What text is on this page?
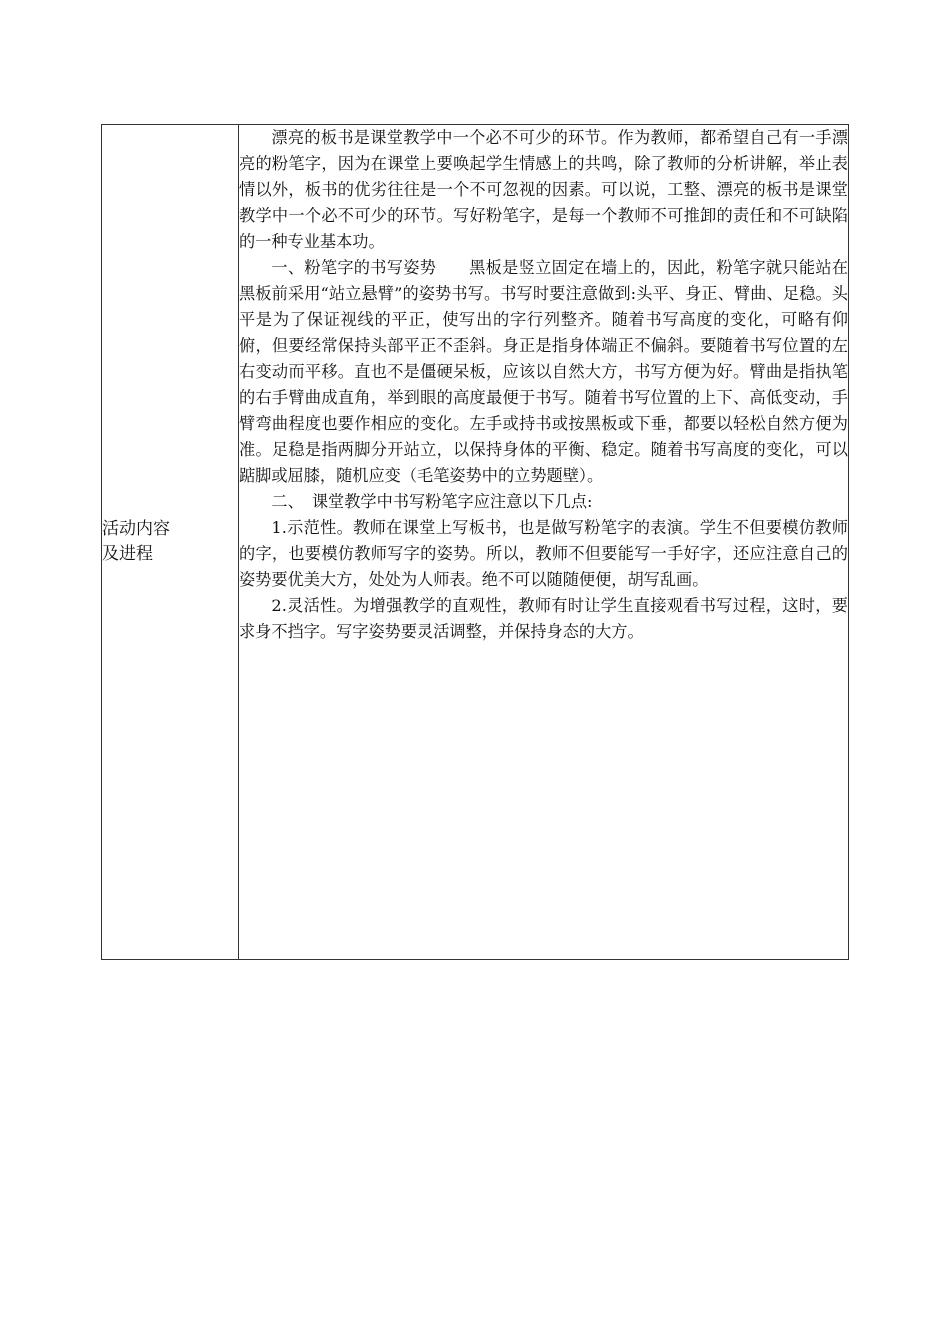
活动内容
及进程

漂亮的板书是课堂教学中一个必不可少的环节。作为教师，都希望自己有一手漂亮的粉笔字，因为在课堂上要唤起学生情感上的共鸣，除了教师的分析讲解，举止表情以外，板书的优劣往往是一个不可忽视的因素。可以说，工整、漂亮的板书是课堂教学中一个必不可少的环节。写好粉笔字，是每一个教师不可推卸的责任和不可缺陷的一种专业基本功。

一、粉笔字的书写姿势　　黑板是竖立固定在墙上的，因此，粉笔字就只能站在黑板前采用“站立悬臂”的姿势书写。书写时要注意做到:头平、身正、臂曲、足稳。头平是为了保证视线的平正，使写出的字行列整齐。随着书写高度的变化，可略有仰俯，但要经常保持头部平正不歪斜。身正是指身体端正不偏斜。要随着书写位置的左右变动而平移。直也不是僵硬呆板，应该以自然大方，书写方便为好。臂曲是指执笔的右手臂曲成直角，举到眼的高度最便于书写。随着书写位置的上下、高低变动，手臂弯曲程度也要作相应的变化。左手或持书或按黑板或下垂，都要以轻松自然方便为准。足稳是指两脚分开站立，以保持身体的平衡、稳定。随着书写高度的变化，可以踮脚或屈膝，随机应变（毛笔姿势中的立势题壁）。

二、　课堂教学中书写粉笔字应注意以下几点:

1.示范性。教师在课堂上写板书，也是做写粉笔字的表演。学生不但要模仿教师的字，也要模仿教师写字的姿势。所以，教师不但要能写一手好字，还应注意自己的姿势要优美大方，处处为人师表。绝不可以随随便便，胡写乱画。

2.灵活性。为增强教学的直观性，教师有时让学生直接观看书写过程，这时，要求身不挡字。写字姿势要灵活调整，并保持身态的大方。
